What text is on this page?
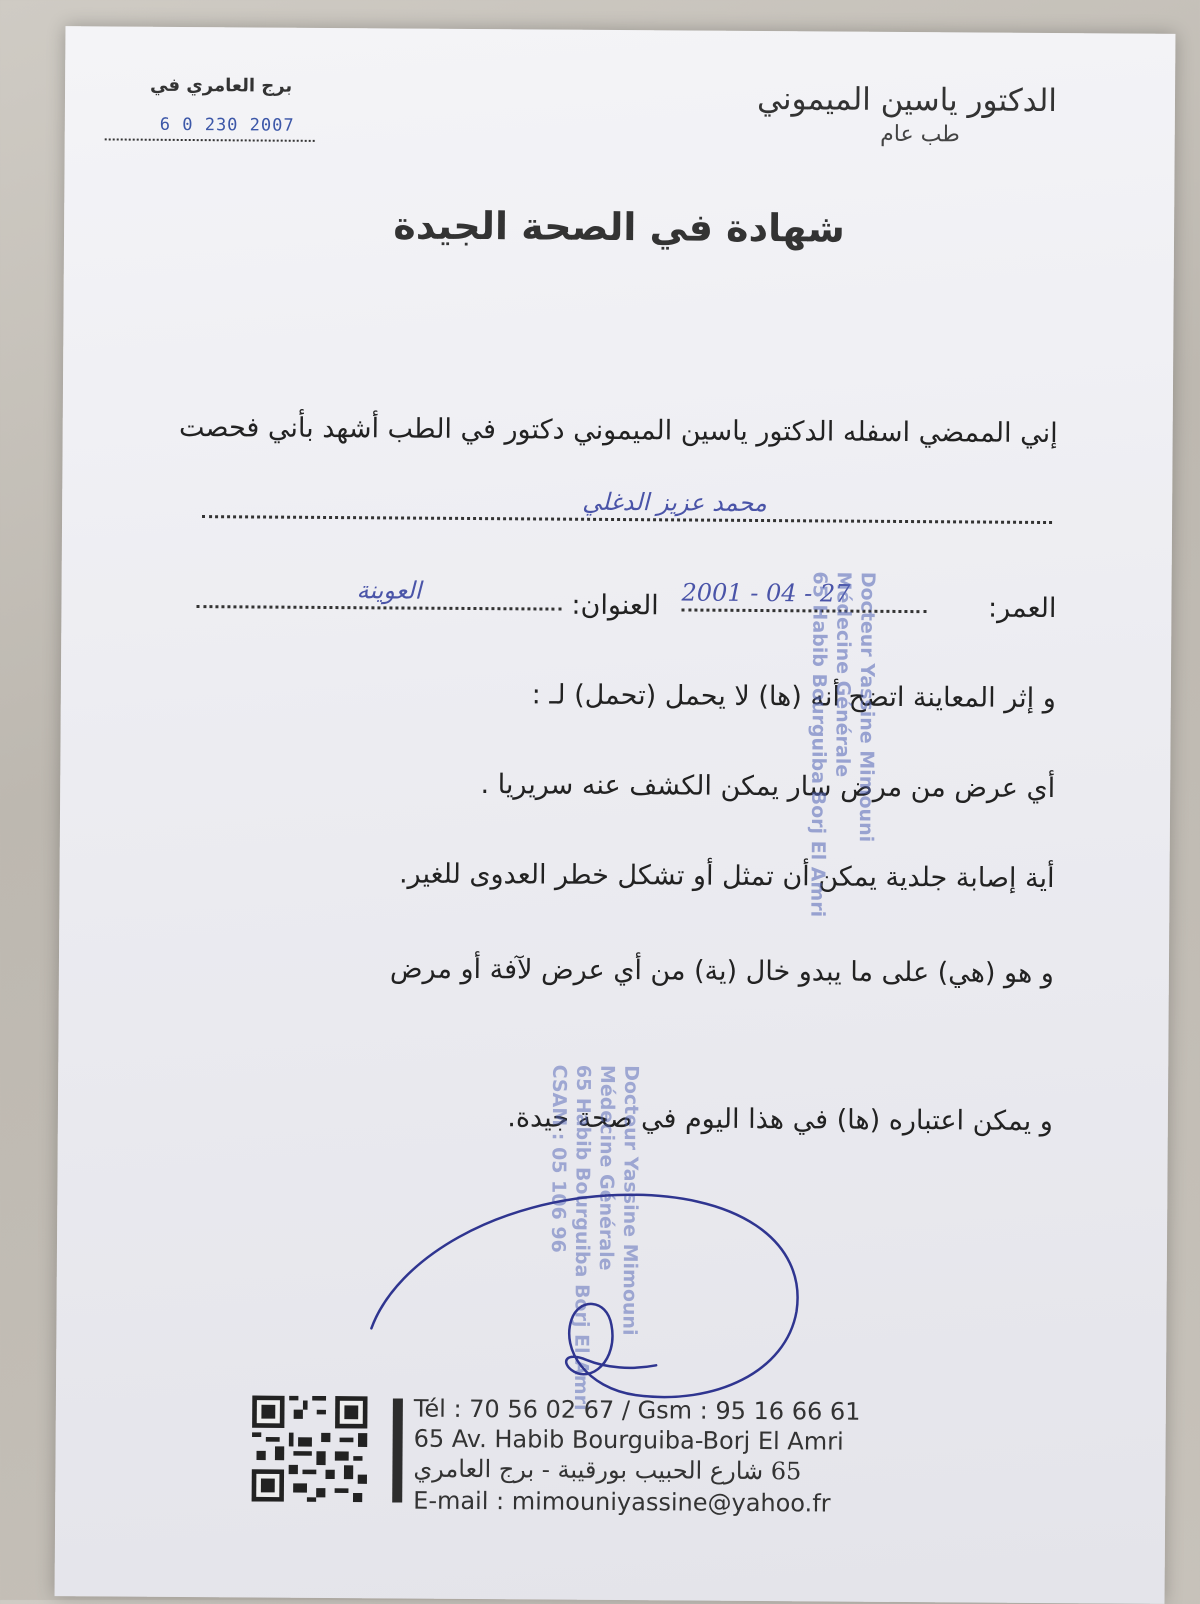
الدكتور ياسين الميموني
طب عام
برج العامري في
6 0 230 2007
شهادة في الصحة الجيدة
إني الممضي اسفله الدكتور ياسين الميموني دكتور في الطب أشهد بأني فحصت
محمد عزيز الدغلي
العمر:
2001 - 04 - 27
العنوان:
العوينة
و إثر المعاينة اتضح أنه (ها) لا يحمل (تحمل) لـ :
أي عرض من مرض سار يمكن الكشف عنه سريريا .
أية إصابة جلدية يمكن أن تمثل أو تشكل خطر العدوى للغير.
و هو (هي) على ما يبدو خال (ية) من أي عرض لآفة أو مرض
و يمكن اعتباره (ها) في هذا اليوم في صحة جيدة.
Docteur Yassine Mimouni
Médecine Générale
65 Habib Bourguiba Borj El Amri
Docteur Yassine Mimouni
Médecine Générale
65 Habib Bourguiba Borj El Amri
CSAM : 05 106 96
Tél : 70 56 02 67 / Gsm : 95 16 66 61
65 Av. Habib Bourguiba-Borj El Amri
65 شارع الحبيب بورقيبة - برج العامري
E-mail : mimouniyassine@yahoo.fr
